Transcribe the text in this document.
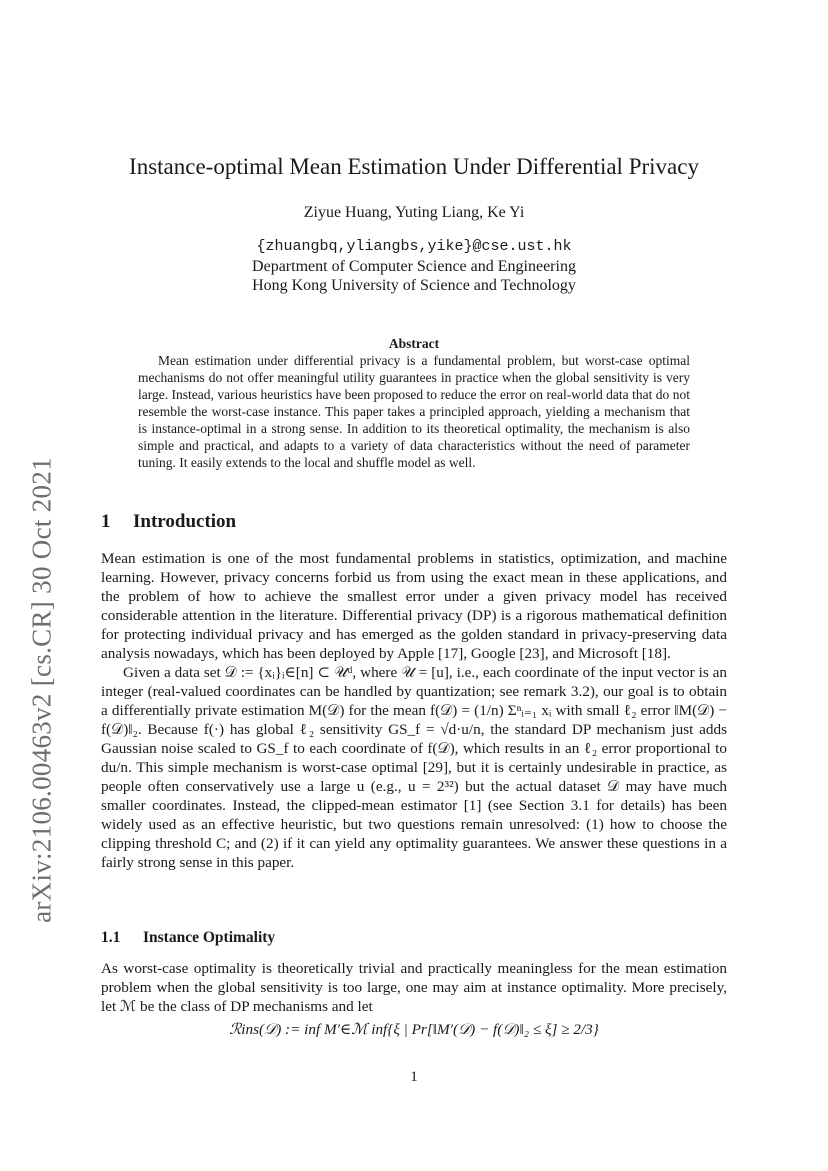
arXiv:2106.00463v2 [cs.CR] 30 Oct 2021
Instance-optimal Mean Estimation Under Differential Privacy
Ziyue Huang, Yuting Liang, Ke Yi
{zhuangbq,yliangbs,yike}@cse.ust.hk
Department of Computer Science and Engineering
Hong Kong University of Science and Technology
Abstract

Mean estimation under differential privacy is a fundamental problem, but worst-case optimal mechanisms do not offer meaningful utility guarantees in practice when the global sensitivity is very large. Instead, various heuristics have been proposed to reduce the error on real-world data that do not resemble the worst-case instance. This paper takes a principled approach, yielding a mechanism that is instance-optimal in a strong sense. In addition to its theoretical optimality, the mechanism is also simple and practical, and adapts to a variety of data characteristics without the need of parameter tuning. It easily extends to the local and shuffle model as well.

1 Introduction

Mean estimation is one of the most fundamental problems in statistics, optimization, and machine learning. However, privacy concerns forbid us from using the exact mean in these applications, and the problem of how to achieve the smallest error under a given privacy model has received considerable attention in the literature. Differential privacy (DP) is a rigorous mathematical definition for protecting individual privacy and has emerged as the golden standard in privacy-preserving data analysis nowadays, which has been deployed by Apple [17], Google [23], and Microsoft [18].

Given a data set 𝒟 := {xᵢ}ᵢ∈[n] ⊂ 𝒰ᵈ, where 𝒰 = [u], i.e., each coordinate of the input vector is an integer (real-valued coordinates can be handled by quantization; see remark 3.2), our goal is to obtain a differentially private estimation M(𝒟) for the mean f(𝒟) = (1/n) Σⁿᵢ₌₁ xᵢ with small ℓ₂ error ‖M(𝒟) − f(𝒟)‖₂. Because f(·) has global ℓ₂ sensitivity GS_f = √d·u/n, the standard DP mechanism just adds Gaussian noise scaled to GS_f to each coordinate of f(𝒟), which results in an ℓ₂ error proportional to du/n. This simple mechanism is worst-case optimal [29], but it is certainly undesirable in practice, as people often conservatively use a large u (e.g., u = 2³²) but the actual dataset 𝒟 may have much smaller coordinates. Instead, the clipped-mean estimator [1] (see Section 3.1 for details) has been widely used as an effective heuristic, but two questions remain unresolved: (1) how to choose the clipping threshold C; and (2) if it can yield any optimality guarantees. We answer these questions in a fairly strong sense in this paper.

1.1 Instance Optimality

As worst-case optimality is theoretically trivial and practically meaningless for the mean estimation problem when the global sensitivity is too large, one may aim at instance optimality. More precisely, let ℳ be the class of DP mechanisms and let

ℛins(𝒟) := inf M′∈ℳ inf{ξ | Pr[‖M′(𝒟) − f(𝒟)‖₂ ≤ ξ] ≥ 2/3}
1
